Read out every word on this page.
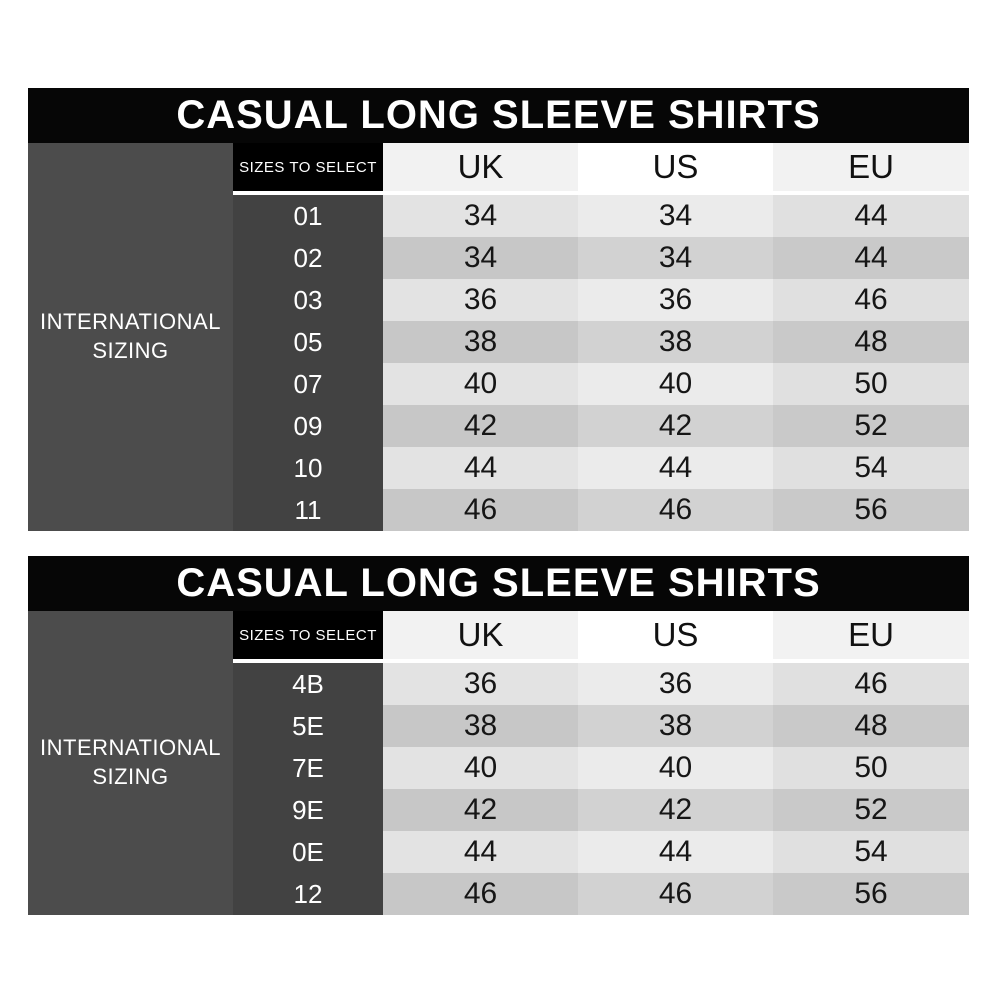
CASUAL LONG SLEEVE SHIRTS
INTERNATIONAL SIZING
SIZES TO SELECT	UK	US	EU
01	34	34	44
02	34	34	44
03	36	36	46
05	38	38	48
07	40	40	50
09	42	42	52
10	44	44	54
11	46	46	56
CASUAL LONG SLEEVE SHIRTS
INTERNATIONAL SIZING
SIZES TO SELECT	UK	US	EU
4B	36	36	46
5E	38	38	48
7E	40	40	50
9E	42	42	52
0E	44	44	54
12	46	46	56
